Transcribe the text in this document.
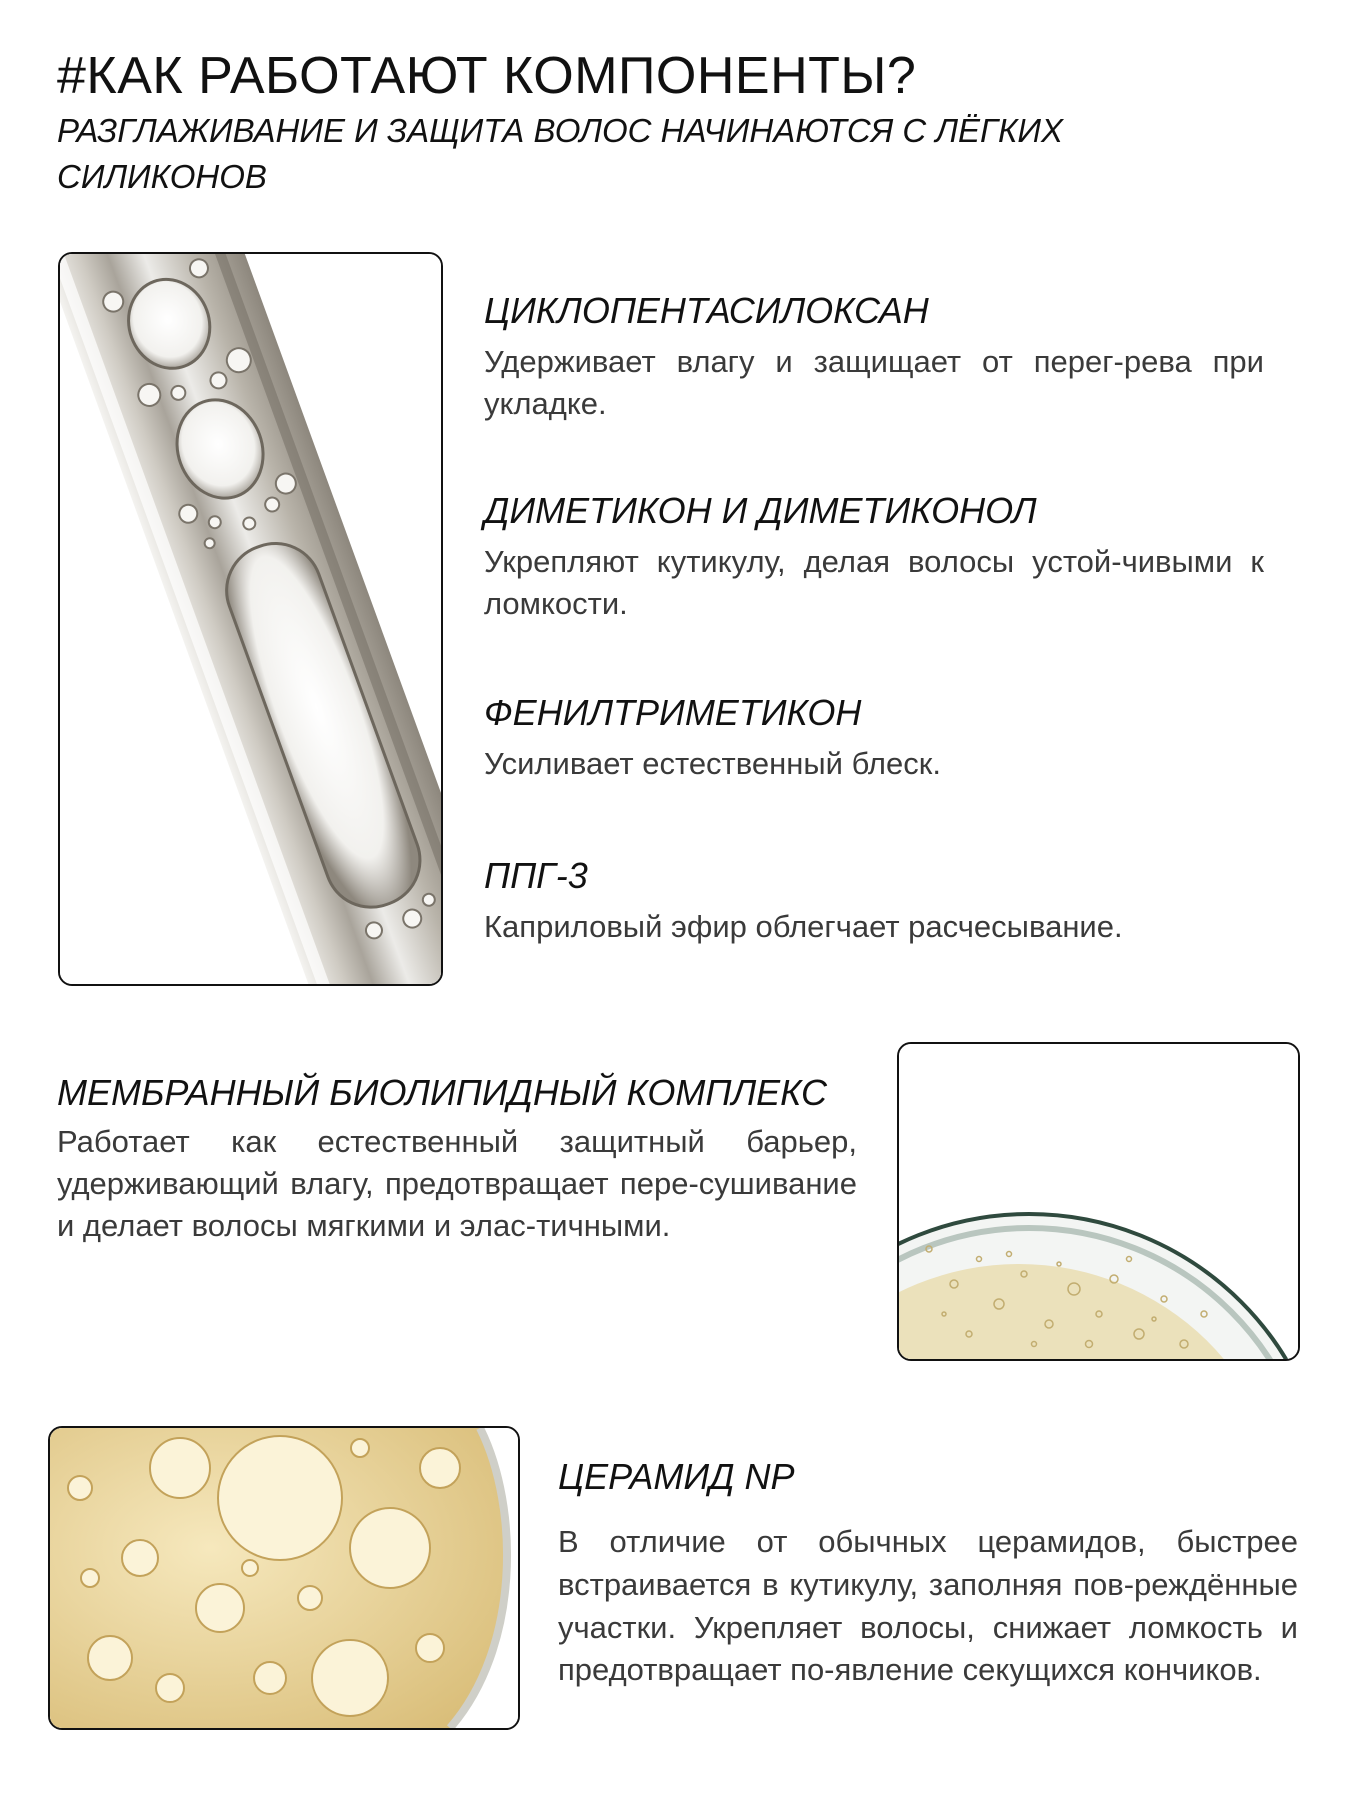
#КАК РАБОТАЮТ КОМПОНЕНТЫ?
РАЗГЛАЖИВАНИЕ И ЗАЩИТА ВОЛОС НАЧИНАЮТСЯ С ЛЁГКИХ СИЛИКОНОВ
ЦИКЛОПЕНТАСИЛОКСАН
Удерживает влагу и защищает от перег-рева при укладке.
ДИМЕТИКОН И ДИМЕТИКОНОЛ
Укрепляют кутикулу, делая волосы устой-чивыми к ломкости.
ФЕНИЛТРИМЕТИКОН
Усиливает естественный блеск.
ППГ-3
Каприловый эфир облегчает расчесывание.
МЕМБРАННЫЙ БИОЛИПИДНЫЙ КОМПЛЕКС
Работает как естественный защитный барьер, удерживающий влагу, предотвращает пере-сушивание и делает волосы мягкими и элас-тичными.
ЦЕРАМИД NP
В отличие от обычных церамидов, быстрее встраивается в кутикулу, заполняя пов-реждённые участки. Укрепляет волосы, снижает ломкость и предотвращает по-явление секущихся кончиков.
